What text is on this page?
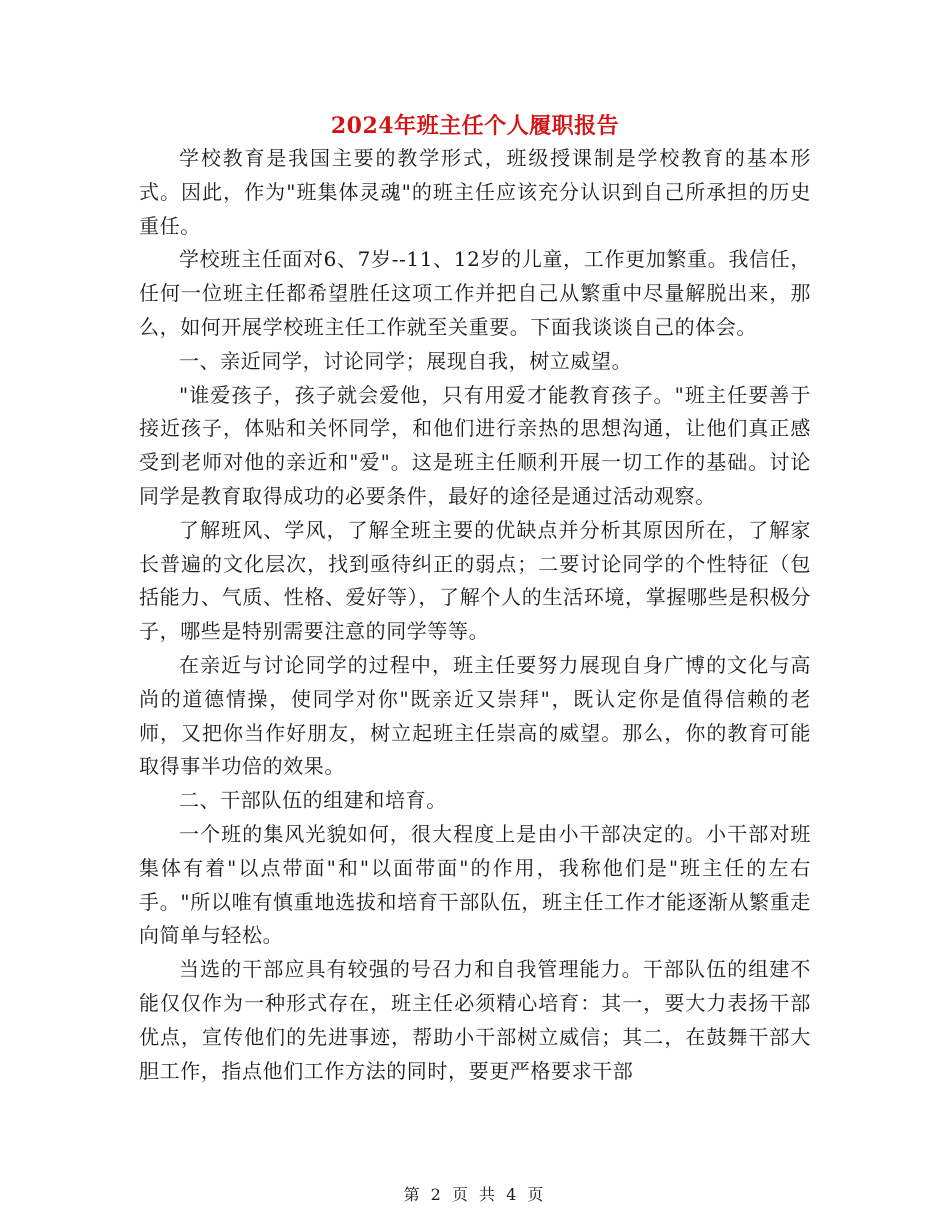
2024年班主任个人履职报告

学校教育是我国主要的教学形式，班级授课制是学校教育的基本形式。因此，作为"班集体灵魂"的班主任应该充分认识到自己所承担的历史重任。

学校班主任面对6、7岁--11、12岁的儿童，工作更加繁重。我信任，任何一位班主任都希望胜任这项工作并把自己从繁重中尽量解脱出来，那么，如何开展学校班主任工作就至关重要。下面我谈谈自己的体会。

一、亲近同学，讨论同学；展现自我，树立威望。

"谁爱孩子，孩子就会爱他，只有用爱才能教育孩子。"班主任要善于接近孩子，体贴和关怀同学，和他们进行亲热的思想沟通，让他们真正感受到老师对他的亲近和"爱"。这是班主任顺利开展一切工作的基础。讨论同学是教育取得成功的必要条件，最好的途径是通过活动观察。

了解班风、学风，了解全班主要的优缺点并分析其原因所在，了解家长普遍的文化层次，找到亟待纠正的弱点；二要讨论同学的个性特征（包括能力、气质、性格、爱好等），了解个人的生活环境，掌握哪些是积极分子，哪些是特别需要注意的同学等等。

在亲近与讨论同学的过程中，班主任要努力展现自身广博的文化与高尚的道德情操，使同学对你"既亲近又崇拜"，既认定你是值得信赖的老师，又把你当作好朋友，树立起班主任崇高的威望。那么，你的教育可能取得事半功倍的效果。

二、干部队伍的组建和培育。

一个班的集风光貌如何，很大程度上是由小干部决定的。小干部对班集体有着"以点带面"和"以面带面"的作用，我称他们是"班主任的左右手。"所以唯有慎重地选拔和培育干部队伍，班主任工作才能逐渐从繁重走向简单与轻松。

当选的干部应具有较强的号召力和自我管理能力。干部队伍的组建不能仅仅作为一种形式存在，班主任必须精心培育：其一，要大力表扬干部优点，宣传他们的先进事迹，帮助小干部树立威信；其二，在鼓舞干部大胆工作，指点他们工作方法的同时，要更严格要求干部

第 2 页 共 4 页
